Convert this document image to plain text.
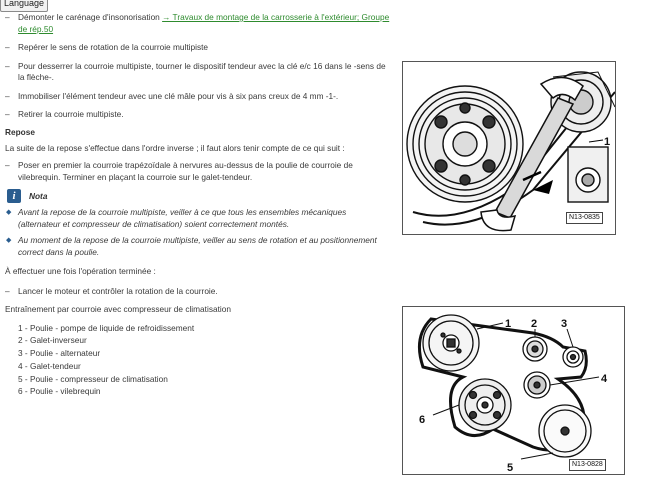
Language
– Démonter le carénage d'insonorisation → Travaux de montage de la carrosserie à l'extérieur; Groupe de rép.50
– Repérer le sens de rotation de la courroie multipiste
– Pour desserrer la courroie multipiste, tourner le dispositif tendeur avec la clé e/c 16 dans le -sens de la flèche-.
– Immobiliser l'élément tendeur avec une clé mâle pour vis à six pans creux de 4 mm -1-.
– Retirer la courroie multipiste.
Repose
La suite de la repose s'effectue dans l'ordre inverse ; il faut alors tenir compte de ce qui suit :
– Poser en premier la courroie trapézoïdale à nervures au-dessus de la poulie de courroie de vilebrequin. Terminer en plaçant la courroie sur le galet-tendeur.
i	Nota
◆ Avant la repose de la courroie multipiste, veiller à ce que tous les ensembles mécaniques (alternateur et compresseur de climatisation) soient correctement montés.
◆ Au moment de la repose de la courroie multipiste, veiller au sens de rotation et au positionnement correct dans la poulie.
À effectuer une fois l'opération terminée :
– Lancer le moteur et contrôler la rotation de la courroie.
Entraînement par courroie avec compresseur de climatisation
1 - Poulie - pompe de liquide de refroidissement
2 - Galet-inverseur
3 - Poulie - alternateur
4 - Galet-tendeur
5 - Poulie - compresseur de climatisation
6 - Poulie - vilebrequin
1
N13-0835
1 2 3
4
5
6
N13-0828
